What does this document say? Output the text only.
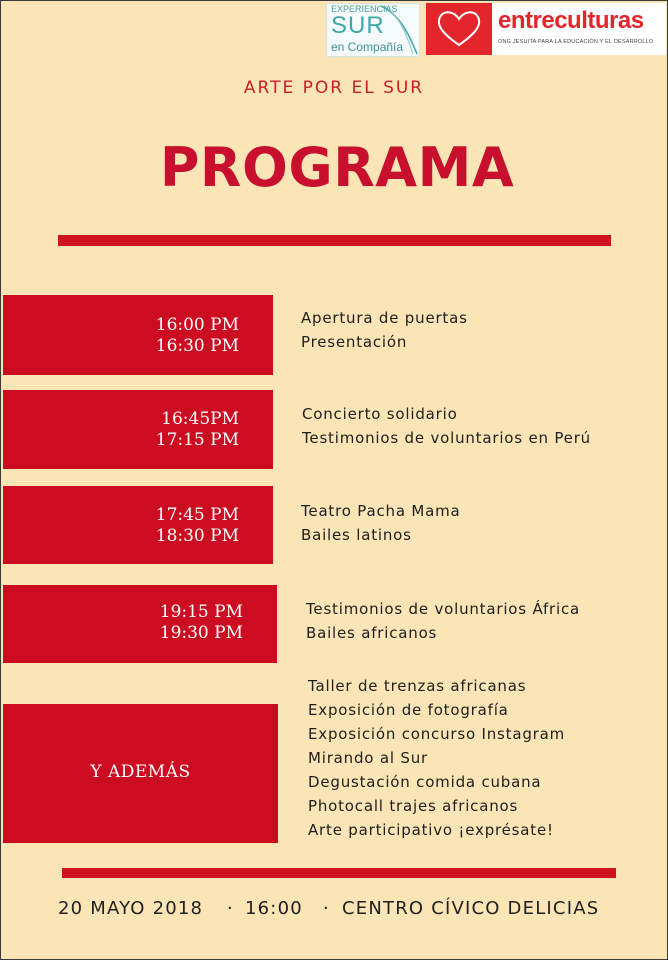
EXPERIENCIAS
SUR
en Compañía
entreculturas
ONG JESUITA PARA LA EDUCACIÓN Y EL DESARROLLO
ARTE POR EL SUR
PROGRAMA
16:00 PM
16:30 PM
Apertura de puertas
Presentación
16:45PM
17:15 PM
Concierto solidario
Testimonios de voluntarios en Perú
17:45 PM
18:30 PM
Teatro Pacha Mama
Bailes latinos
19:15 PM
19:30 PM
Testimonios de voluntarios África
Bailes africanos
Y ADEMÁS
Taller de trenzas africanas
Exposición de fotografía
Exposición concurso Instagram
Mirando al Sur
Degustación comida cubana
Photocall trajes africanos
Arte participativo ¡exprésate!
20 MAYO 2018 · 16:00 · CENTRO CÍVICO DELICIAS
